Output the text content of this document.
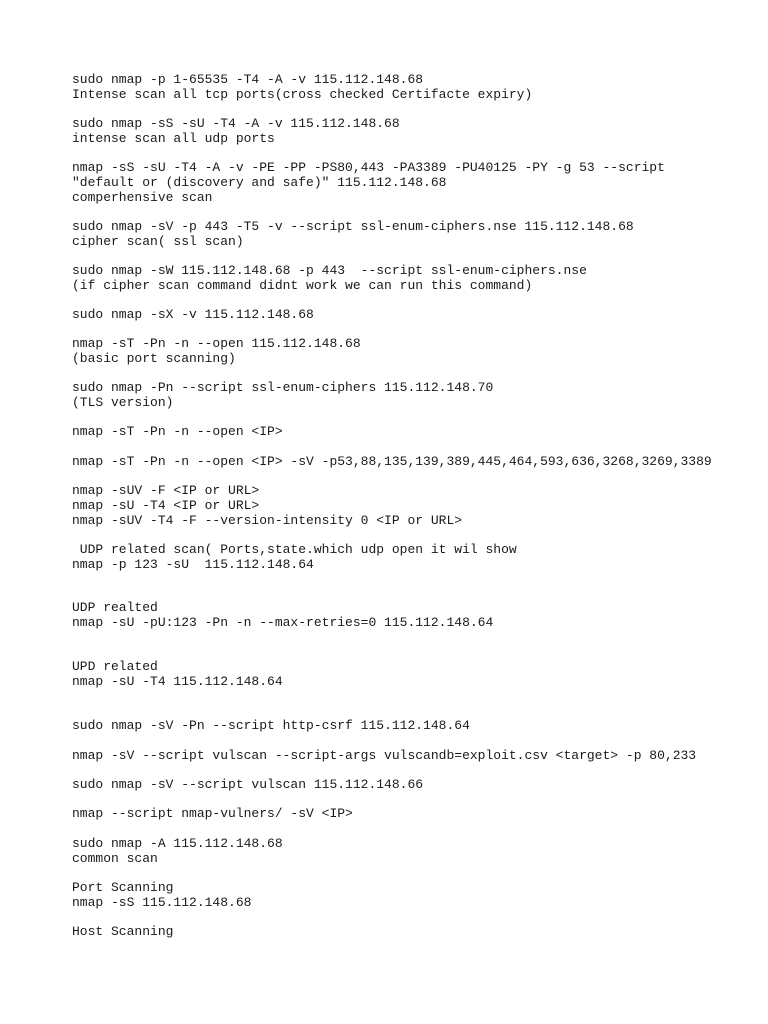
sudo nmap -p 1-65535 -T4 -A -v 115.112.148.68
Intense scan all tcp ports(cross checked Certifacte expiry)
sudo nmap -sS -sU -T4 -A -v 115.112.148.68
intense scan all udp ports
nmap -sS -sU -T4 -A -v -PE -PP -PS80,443 -PA3389 -PU40125 -PY -g 53 --script
"default or (discovery and safe)" 115.112.148.68
comperhensive scan
sudo nmap -sV -p 443 -T5 -v --script ssl-enum-ciphers.nse 115.112.148.68
cipher scan( ssl scan)
sudo nmap -sW 115.112.148.68 -p 443  --script ssl-enum-ciphers.nse
(if cipher scan command didnt work we can run this command)
sudo nmap -sX -v 115.112.148.68
nmap -sT -Pn -n --open 115.112.148.68
(basic port scanning)
sudo nmap -Pn --script ssl-enum-ciphers 115.112.148.70
(TLS version)
nmap -sT -Pn -n --open <IP>
nmap -sT -Pn -n --open <IP> -sV -p53,88,135,139,389,445,464,593,636,3268,3269,3389
nmap -sUV -F <IP or URL>
nmap -sU -T4 <IP or URL>
nmap -sUV -T4 -F --version-intensity 0 <IP or URL>
UDP related scan( Ports,state.which udp open it wil show
nmap -p 123 -sU  115.112.148.64
UDP realted
nmap -sU -pU:123 -Pn -n --max-retries=0 115.112.148.64
UPD related
nmap -sU -T4 115.112.148.64
sudo nmap -sV -Pn --script http-csrf 115.112.148.64
nmap -sV --script vulscan --script-args vulscandb=exploit.csv <target> -p 80,233
sudo nmap -sV --script vulscan 115.112.148.66
nmap --script nmap-vulners/ -sV <IP>
sudo nmap -A 115.112.148.68
common scan
Port Scanning
nmap -sS 115.112.148.68
Host Scanning
